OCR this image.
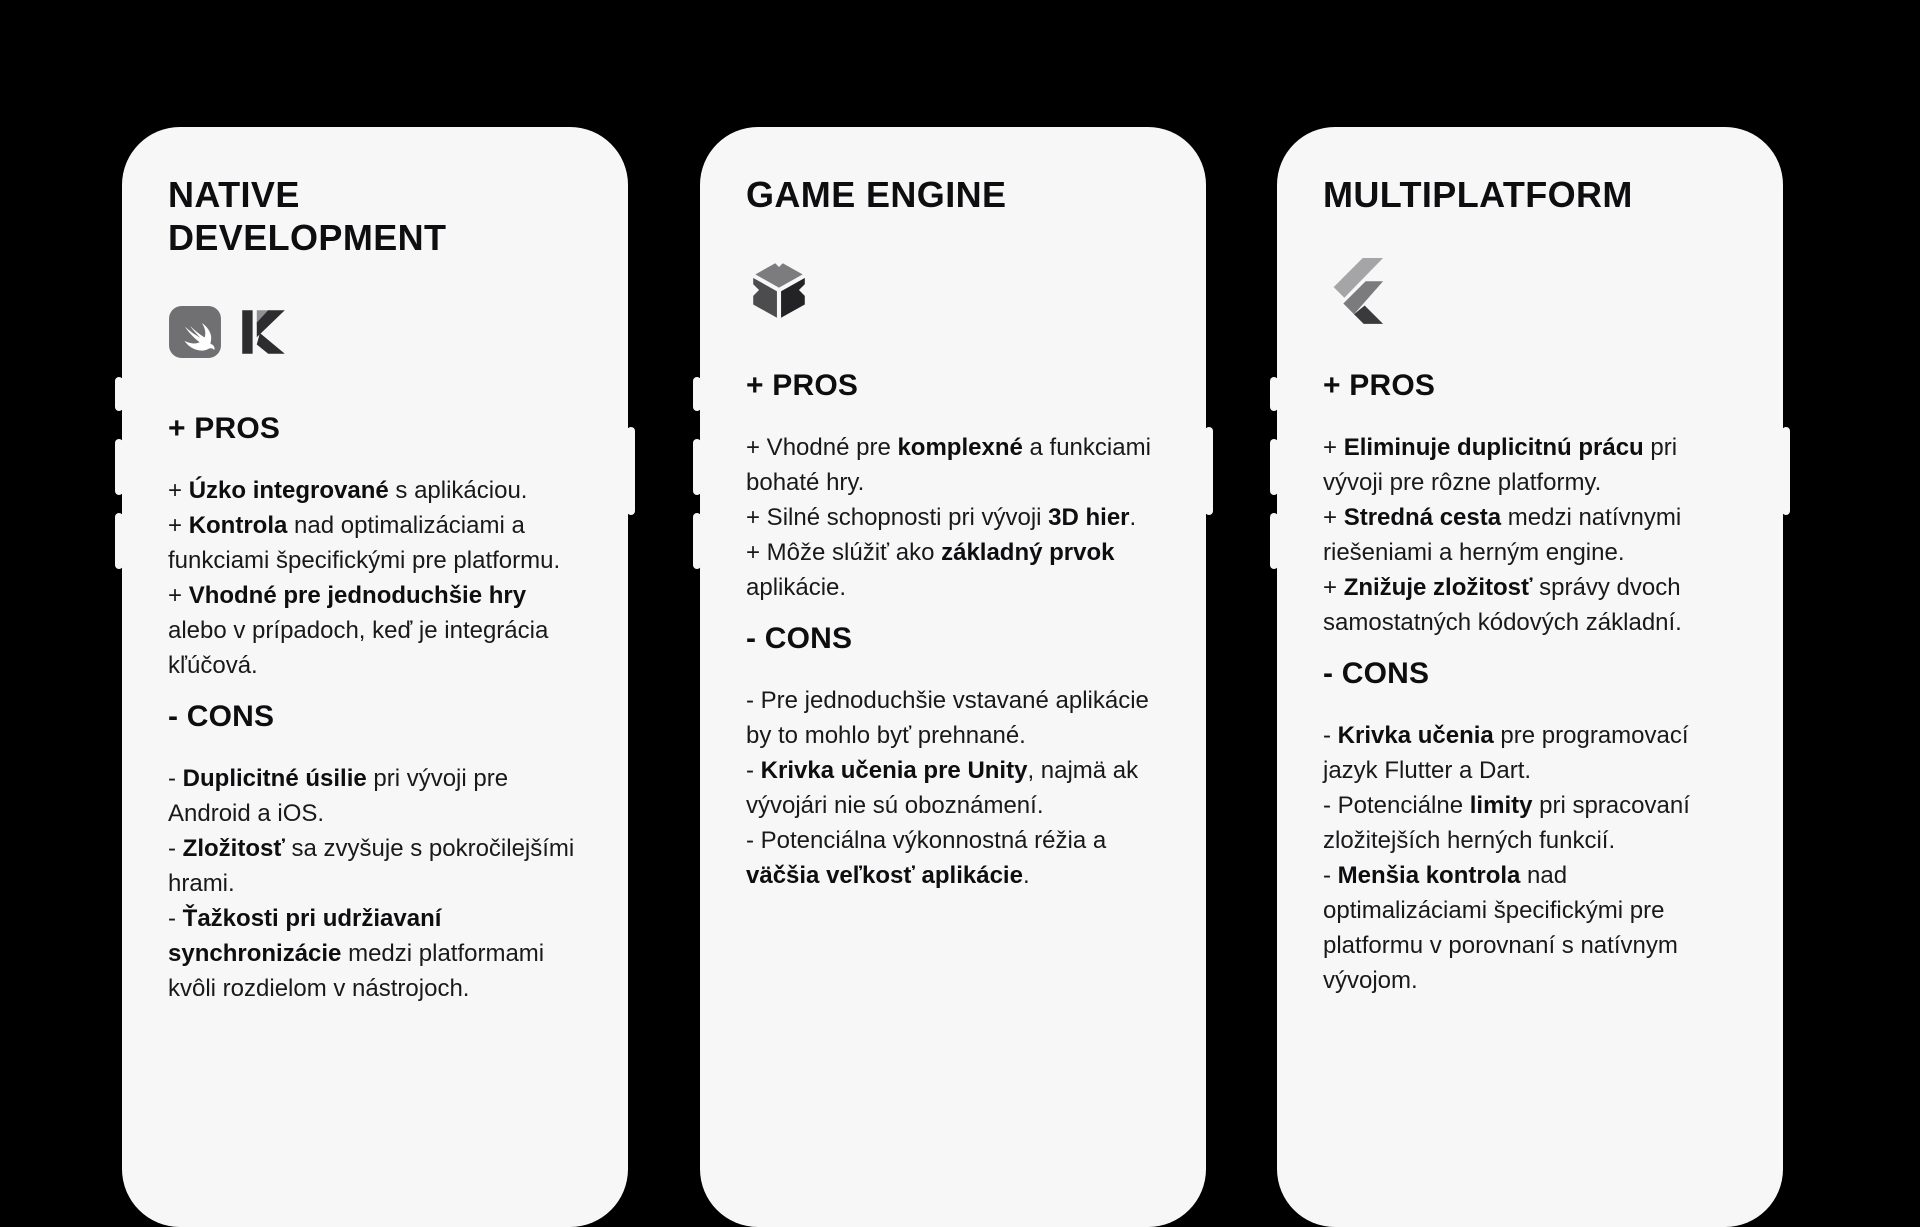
NATIVE DEVELOPMENT
+ PROS

+ Úzko integrované s aplikáciou.

+ Kontrola nad optimalizáciami a funkciami špecifickými pre platformu.

+ Vhodné pre jednoduchšie hry alebo v prípadoch, keď je integrácia kľúčová.

- CONS

- Duplicitné úsilie pri vývoji pre Android a iOS.

- Zložitosť sa zvyšuje s pokročilejšími hrami.

- Ťažkosti pri udržiavaní synchronizácie medzi platformami kvôli rozdielom v nástrojoch.

GAME ENGINE
+ PROS

+ Vhodné pre komplexné a funkciami bohaté hry.

+ Silné schopnosti pri vývoji 3D hier.

+ Môže slúžiť ako základný prvok aplikácie.

- CONS

- Pre jednoduchšie vstavané aplikácie by to mohlo byť prehnané.

- Krivka učenia pre Unity, najmä ak vývojári nie sú oboznámení.

- Potenciálna výkonnostná réžia a väčšia veľkosť aplikácie.

MULTIPLATFORM
+ PROS

+ Eliminuje duplicitnú prácu pri vývoji pre rôzne platformy.

+ Stredná cesta medzi natívnymi riešeniami a herným engine.

+ Znižuje zložitosť správy dvoch samostatných kódových základní.

- CONS

- Krivka učenia pre programovací jazyk Flutter a Dart.

- Potenciálne limity pri spracovaní zložitejších herných funkcií.

- Menšia kontrola nad optimalizáciami špecifickými pre platformu v porovnaní s natívnym vývojom.
